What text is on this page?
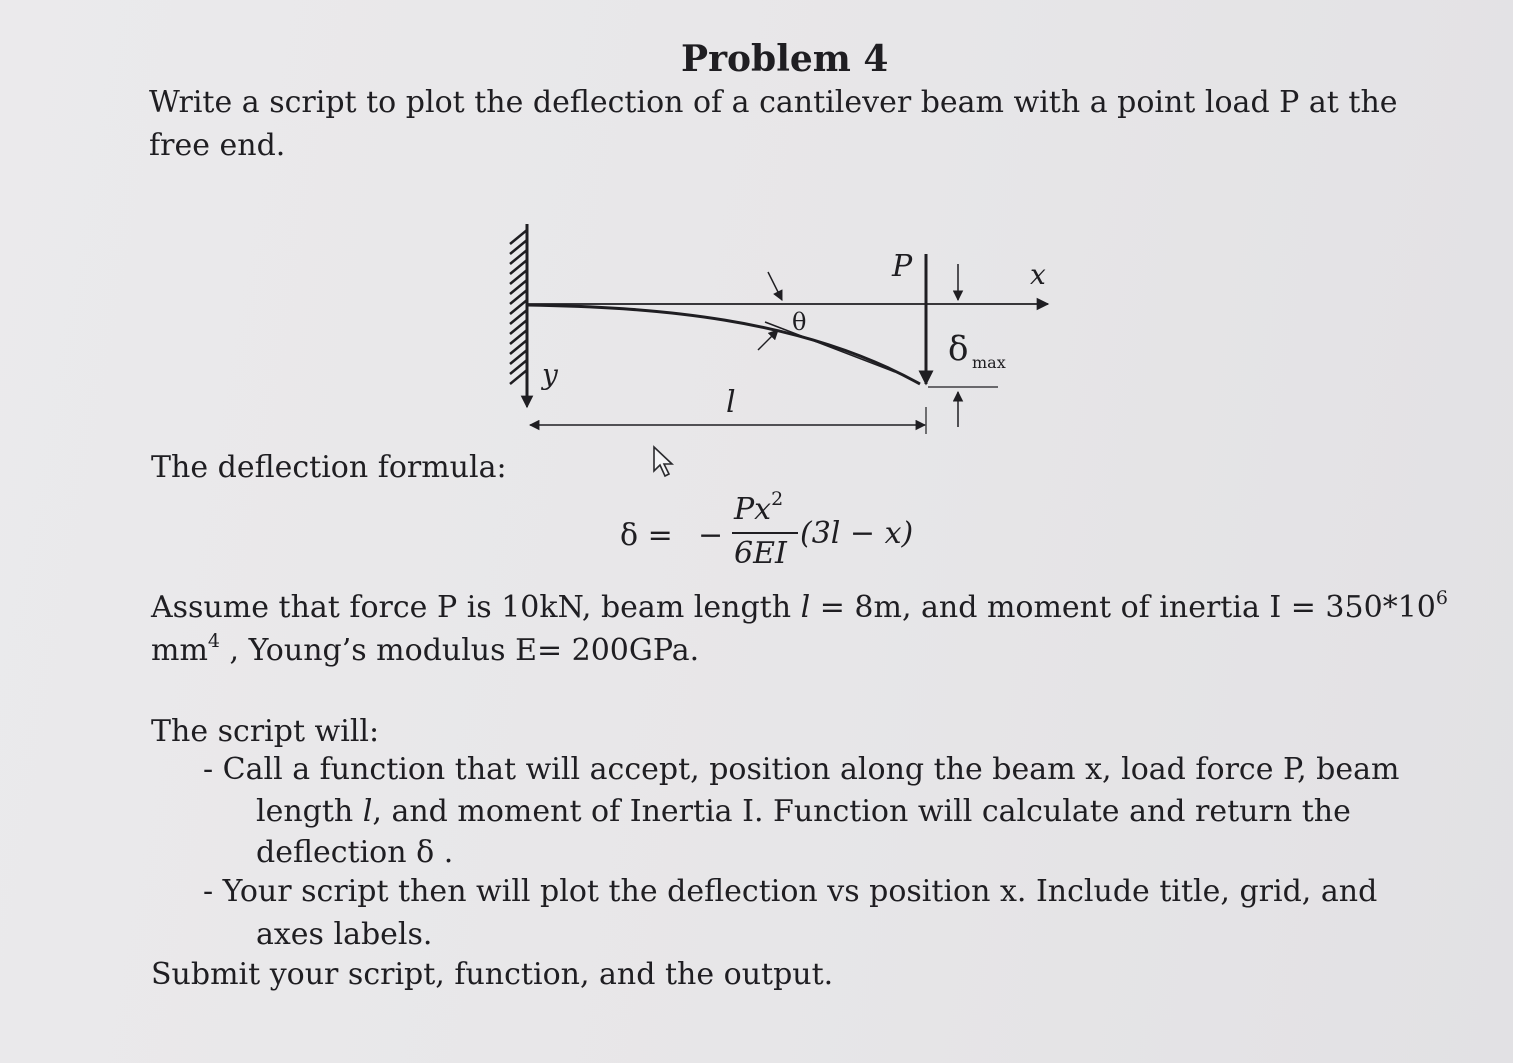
Problem 4
Write a script to plot the deflection of a cantilever beam with a point load P at the
free end.
P	x
y
θ
l
δ max
The deflection formula:
δ = −
$Px^2$
6EI
(3l − x)
Assume that force P is 10kN, beam length l = 8m, and moment of inertia $I = 350*10^6$
$mm^4$ , Young’s modulus E= 200GPa.
The script will:
- Call a function that will accept, position along the beam x, load force P, beam
length l, and moment of Inertia I. Function will calculate and return the
deflection δ .
- Your script then will plot the deflection vs position x. Include title, grid, and
axes labels.
Submit your script, function, and the output.
